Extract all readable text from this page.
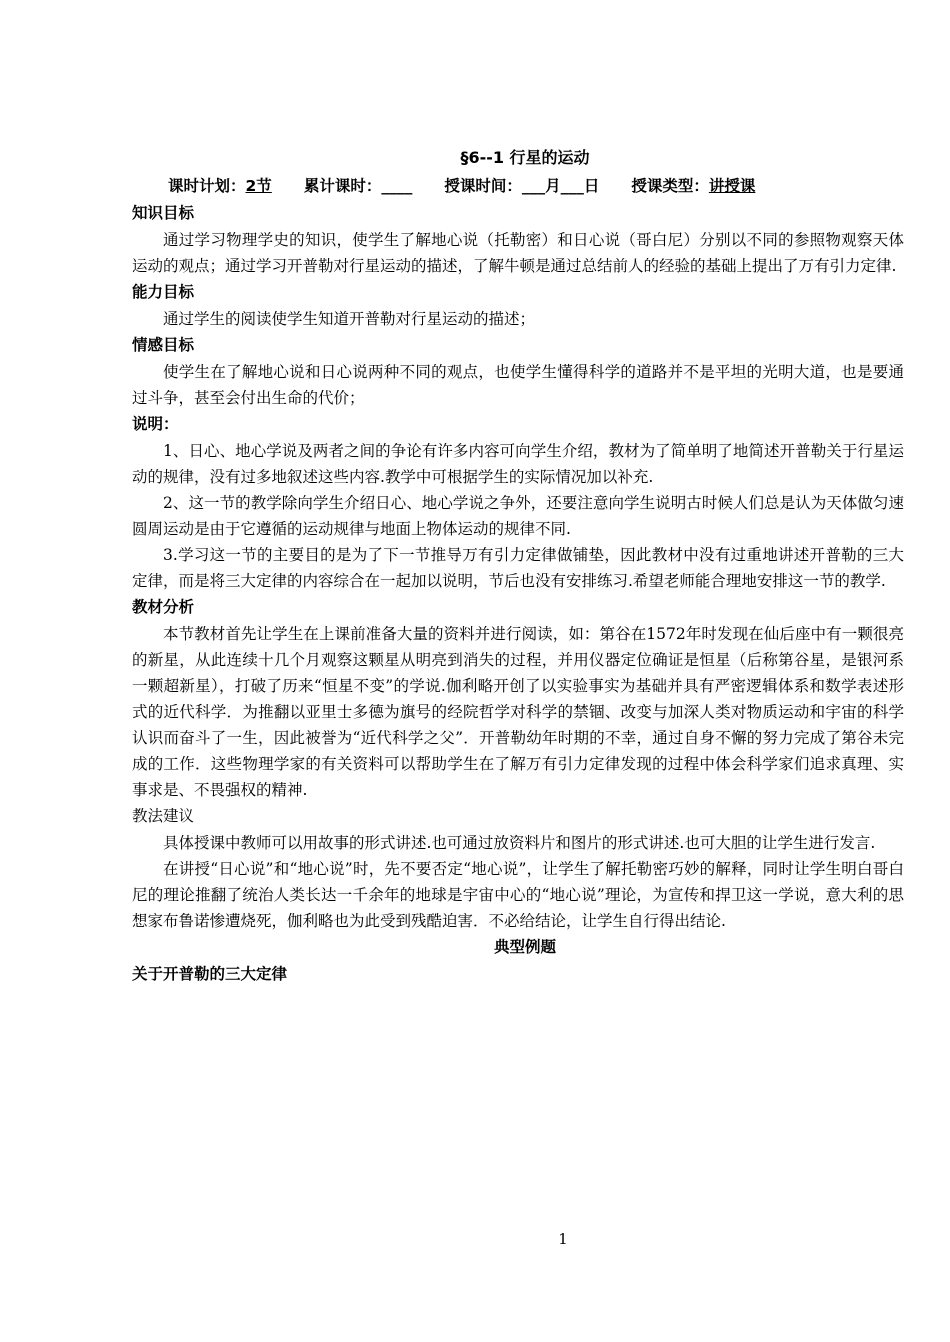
§6--1 行星的运动
课时计划：2节 累计课时：____ 授课时间：___月___日 授课类型：讲授课
知识目标

通过学习物理学史的知识，使学生了解地心说（托勒密）和日心说（哥白尼）分别以不同的参照物观察天体运动的观点；通过学习开普勒对行星运动的描述，了解牛顿是通过总结前人的经验的基础上提出了万有引力定律.

能力目标

通过学生的阅读使学生知道开普勒对行星运动的描述；

情感目标

使学生在了解地心说和日心说两种不同的观点，也使学生懂得科学的道路并不是平坦的光明大道，也是要通过斗争，甚至会付出生命的代价；

说明：

1、日心、地心学说及两者之间的争论有许多内容可向学生介绍，教材为了简单明了地简述开普勒关于行星运动的规律，没有过多地叙述这些内容.教学中可根据学生的实际情况加以补充.

2、这一节的教学除向学生介绍日心、地心学说之争外，还要注意向学生说明古时候人们总是认为天体做匀速圆周运动是由于它遵循的运动规律与地面上物体运动的规律不同.

3.学习这一节的主要目的是为了下一节推导万有引力定律做铺垫，因此教材中没有过重地讲述开普勒的三大定律，而是将三大定律的内容综合在一起加以说明，节后也没有安排练习.希望老师能合理地安排这一节的教学.

教材分析

本节教材首先让学生在上课前准备大量的资料并进行阅读，如：第谷在1572年时发现在仙后座中有一颗很亮的新星，从此连续十几个月观察这颗星从明亮到消失的过程，并用仪器定位确证是恒星（后称第谷星，是银河系一颗超新星），打破了历来“恒星不变”的学说.伽利略开创了以实验事实为基础并具有严密逻辑体系和数学表述形式的近代科学．为推翻以亚里士多德为旗号的经院哲学对科学的禁锢、改变与加深人类对物质运动和宇宙的科学认识而奋斗了一生，因此被誉为“近代科学之父”．开普勒幼年时期的不幸，通过自身不懈的努力完成了第谷未完成的工作．这些物理学家的有关资料可以帮助学生在了解万有引力定律发现的过程中体会科学家们追求真理、实事求是、不畏强权的精神.

教法建议

具体授课中教师可以用故事的形式讲述.也可通过放资料片和图片的形式讲述.也可大胆的让学生进行发言.

在讲授“日心说”和“地心说”时，先不要否定“地心说”，让学生了解托勒密巧妙的解释，同时让学生明白哥白尼的理论推翻了统治人类长达一千余年的地球是宇宙中心的“地心说”理论，为宣传和捍卫这一学说，意大利的思想家布鲁诺惨遭烧死，伽利略也为此受到残酷迫害．不必给结论，让学生自行得出结论.

典型例题
关于开普勒的三大定律
1
